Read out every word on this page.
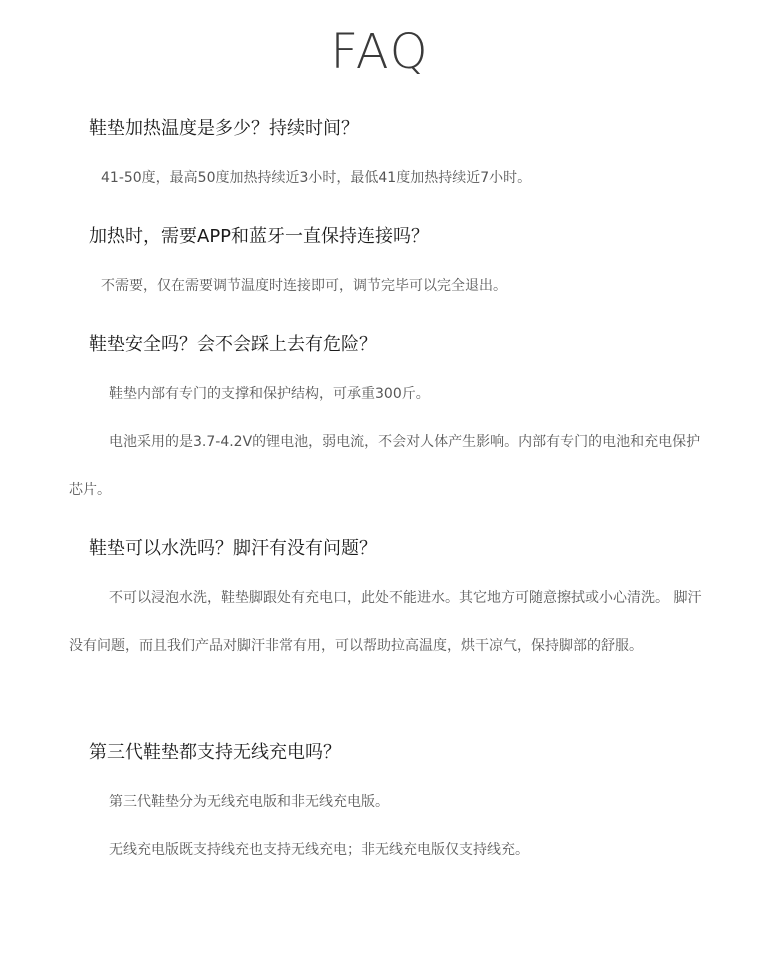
FAQ
鞋垫加热温度是多少？持续时间？

41-50度，最高50度加热持续近3小时，最低41度加热持续近7小时。

加热时，需要APP和蓝牙一直保持连接吗？

不需要，仅在需要调节温度时连接即可，调节完毕可以完全退出。

鞋垫安全吗？会不会踩上去有危险？

鞋垫内部有专门的支撑和保护结构，可承重300斤。

电池采用的是3.7-4.2V的锂电池，弱电流，不会对人体产生影响。内部有专门的电池和充电保护芯片。

鞋垫可以水洗吗？脚汗有没有问题？

不可以浸泡水洗，鞋垫脚跟处有充电口，此处不能进水。其它地方可随意擦拭或小心清洗。 脚汗没有问题，而且我们产品对脚汗非常有用，可以帮助拉高温度，烘干凉气，保持脚部的舒服。

第三代鞋垫都支持无线充电吗？

第三代鞋垫分为无线充电版和非无线充电版。

无线充电版既支持线充也支持无线充电；非无线充电版仅支持线充。
